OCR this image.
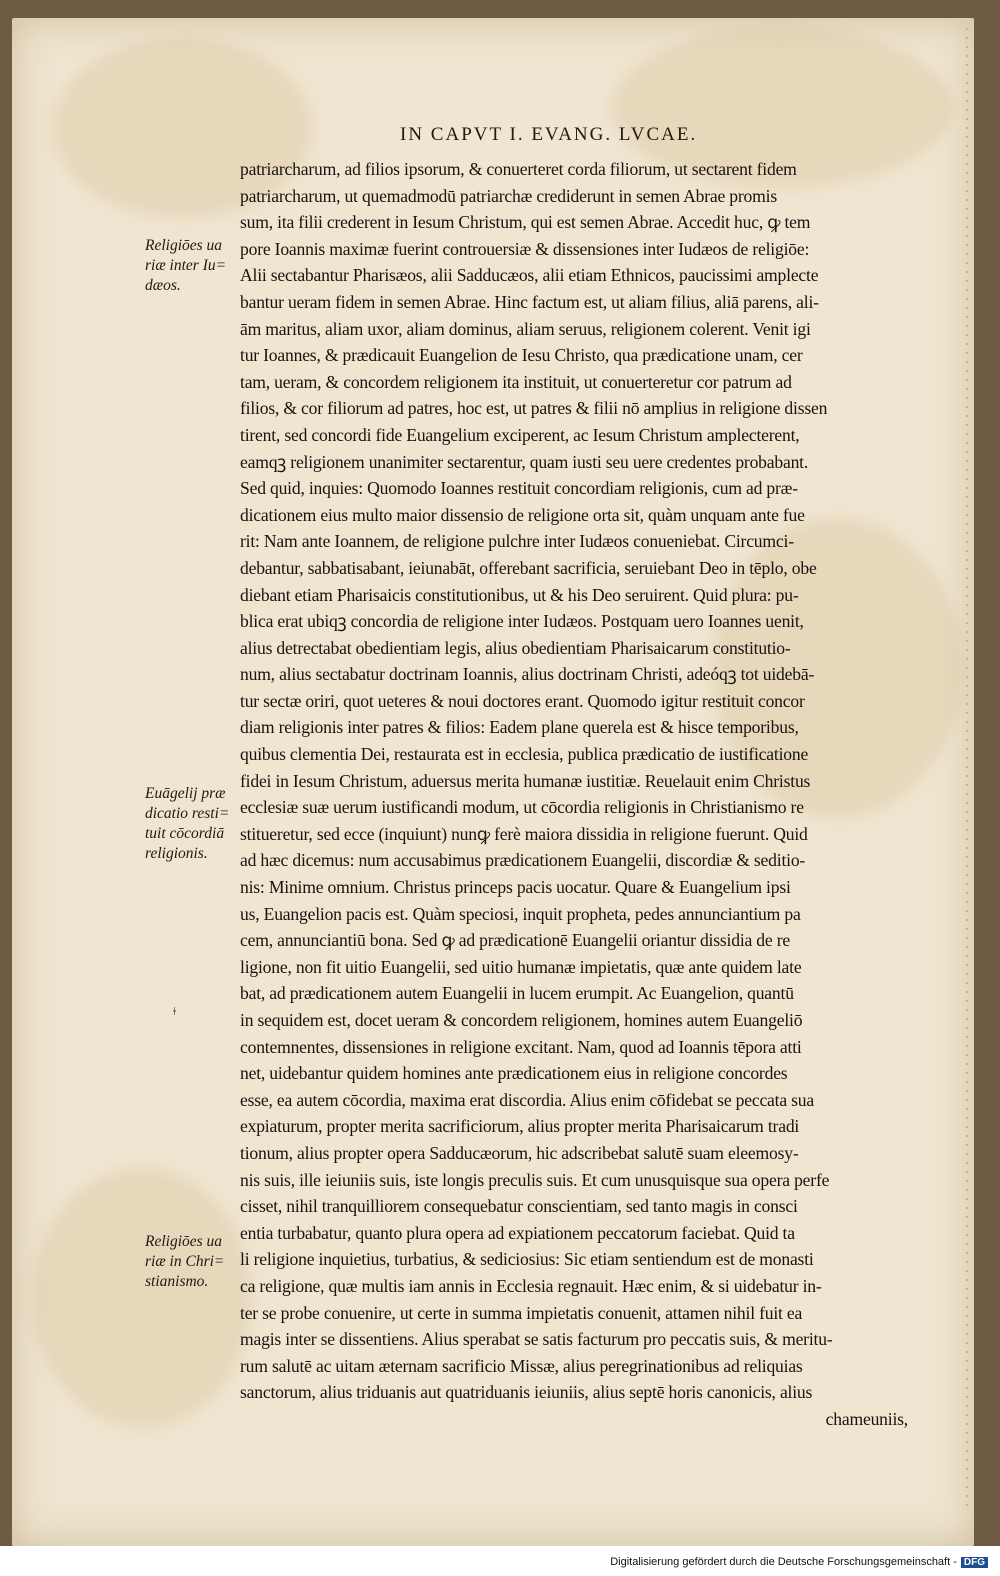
IN CAPVT I. EVANG. LVCAE.
patriarcharum, ad filios ipsorum, & conuerteret corda filiorum, ut sectarent fidem
patriarcharum, ut quemadmodū patriarchæ crediderunt in semen Abrae promis
sum, ita filii crederent in Iesum Christum, qui est semen Abrae. Accedit huc, ꝙ tem
pore Ioannis maximæ fuerint controuersiæ & dissensiones inter Iudæos de religiōe:
Alii sectabantur Pharisæos, alii Sadducæos, alii etiam Ethnicos, paucissimi amplecte
bantur ueram fidem in semen Abrae. Hinc factum est, ut aliam filius, aliā parens, ali-
ām maritus, aliam uxor, aliam dominus, aliam seruus, religionem colerent. Venit igi
tur Ioannes, & prædicauit Euangelion de Iesu Christo, qua prædicatione unam, cer
tam, ueram, & concordem religionem ita instituit, ut conuerteretur cor patrum ad
filios, & cor filiorum ad patres, hoc est, ut patres & filii nō amplius in religione dissen
tirent, sed concordi fide Euangelium exciperent, ac Iesum Christum amplecterent,
eamqꝫ religionem unanimiter sectarentur, quam iusti seu uere credentes probabant.
Sed quid, inquies: Quomodo Ioannes restituit concordiam religionis, cum ad præ-
dicationem eius multo maior dissensio de religione orta sit, quàm unquam ante fue
rit: Nam ante Ioannem, de religione pulchre inter Iudæos conueniebat. Circumci-
debantur, sabbatisabant, ieiunabāt, offerebant sacrificia, seruiebant Deo in tēplo, obe
diebant etiam Pharisaicis constitutionibus, ut & his Deo seruirent. Quid plura: pu-
blica erat ubiqꝫ concordia de religione inter Iudæos. Postquam uero Ioannes uenit,
alius detrectabat obedientiam legis, alius obedientiam Pharisaicarum constitutio-
num, alius sectabatur doctrinam Ioannis, alius doctrinam Christi, adeóqꝫ tot uidebā-
tur sectæ oriri, quot ueteres & noui doctores erant. Quomodo igitur restituit concor
diam religionis inter patres & filios: Eadem plane querela est & hisce temporibus,
quibus clementia Dei, restaurata est in ecclesia, publica prædicatio de iustificatione
fidei in Iesum Christum, aduersus merita humanæ iustitiæ. Reuelauit enim Christus
ecclesiæ suæ uerum iustificandi modum, ut cōcordia religionis in Christianismo re
stitueretur, sed ecce (inquiunt) nunꝙ ferè maiora dissidia in religione fuerunt. Quid
ad hæc dicemus: num accusabimus prædicationem Euangelii, discordiæ & seditio-
nis: Minime omnium. Christus princeps pacis uocatur. Quare & Euangelium ipsi
us, Euangelion pacis est. Quàm speciosi, inquit propheta, pedes annunciantium pa
cem, annunciantiū bona. Sed ꝙ ad prædicationē Euangelii oriantur dissidia de re
ligione, non fit uitio Euangelii, sed uitio humanæ impietatis, quæ ante quidem late
bat, ad prædicationem autem Euangelii in lucem erumpit. Ac Euangelion, quantū
in sequidem est, docet ueram & concordem religionem, homines autem Euangeliō
contemnentes, dissensiones in religione excitant. Nam, quod ad Ioannis tēpora atti
net, uidebantur quidem homines ante prædicationem eius in religione concordes
esse, ea autem cōcordia, maxima erat discordia. Alius enim cōfidebat se peccata sua
expiaturum, propter merita sacrificiorum, alius propter merita Pharisaicarum tradi
tionum, alius propter opera Sadducæorum, hic adscribebat salutē suam eleemosy-
nis suis, ille ieiuniis suis, iste longis preculis suis. Et cum unusquisque sua opera perfe
cisset, nihil tranquilliorem consequebatur conscientiam, sed tanto magis in consci
entia turbabatur, quanto plura opera ad expiationem peccatorum faciebat. Quid ta
li religione inquietius, turbatius, & sediciosius: Sic etiam sentiendum est de monasti
ca religione, quæ multis iam annis in Ecclesia regnauit. Hæc enim, & si uidebatur in-
ter se probe conuenire, ut certe in summa impietatis conuenit, attamen nihil fuit ea
magis inter se dissentiens. Alius sperabat se satis facturum pro peccatis suis, & meritu-
rum salutē ac uitam æternam sacrificio Missæ, alius peregrinationibus ad reliquias
sanctorum, alius triduanis aut quatriduanis ieiuniis, alius septē horis canonicis, alius
chameuniis,
Religiōes ua
riæ inter Iu=
dæos.
Euāgelij præ
dicatio resti=
tuit cōcordiā
religionis.
Religiōes ua
riæ in Chri=
stianismo.
ǂ
Digitalisierung gefördert durch die Deutsche Forschungsgemeinschaft - DFG
